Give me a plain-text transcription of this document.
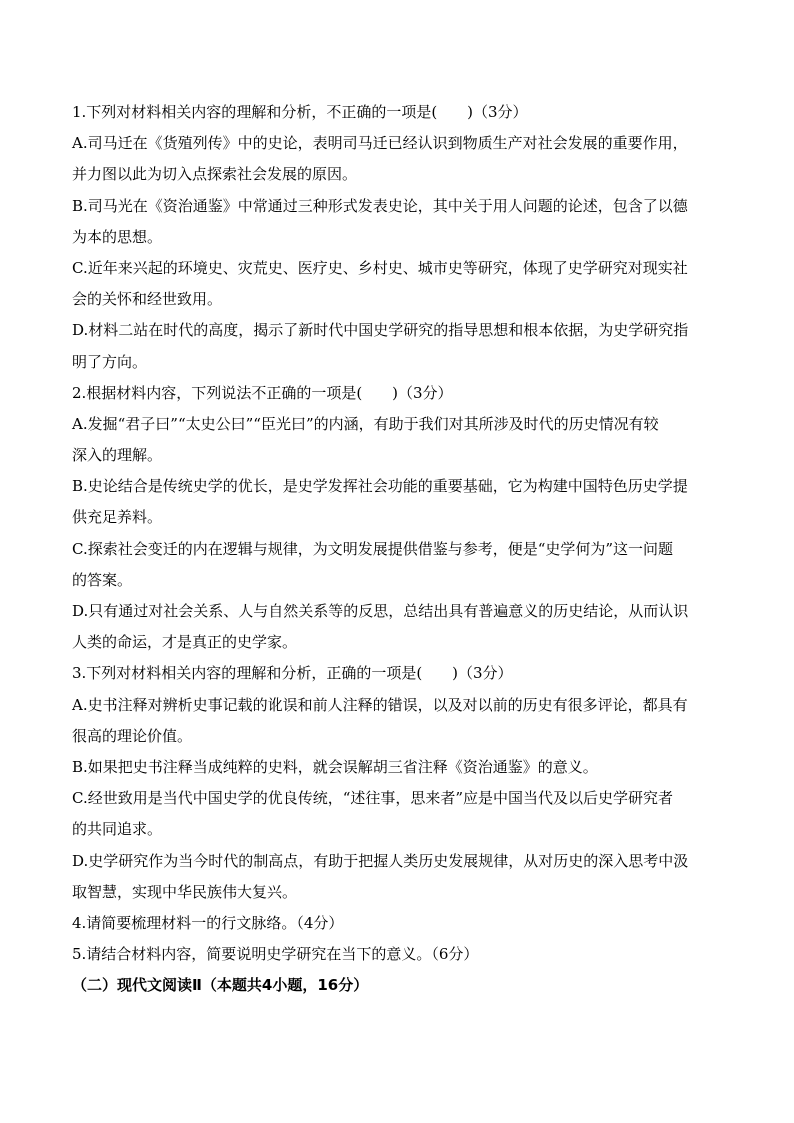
1.下列对材料相关内容的理解和分析，不正确的一项是(　　)（3分）
A.司马迁在《货殖列传》中的史论，表明司马迁已经认识到物质生产对社会发展的重要作用，
并力图以此为切入点探索社会发展的原因。
B.司马光在《资治通鉴》中常通过三种形式发表史论，其中关于用人问题的论述，包含了以德
为本的思想。
C.近年来兴起的环境史、灾荒史、医疗史、乡村史、城市史等研究，体现了史学研究对现实社
会的关怀和经世致用。
D.材料二站在时代的高度，揭示了新时代中国史学研究的指导思想和根本依据，为史学研究指
明了方向。
2.根据材料内容，下列说法不正确的一项是(　　)（3分）
A.发掘“君子曰”“太史公曰”“臣光曰”的内涵，有助于我们对其所涉及时代的历史情况有较
深入的理解。
B.史论结合是传统史学的优长，是史学发挥社会功能的重要基础，它为构建中国特色历史学提
供充足养料。
C.探索社会变迁的内在逻辑与规律，为文明发展提供借鉴与参考，便是“史学何为”这一问题
的答案。
D.只有通过对社会关系、人与自然关系等的反思，总结出具有普遍意义的历史结论，从而认识
人类的命运，才是真正的史学家。
3.下列对材料相关内容的理解和分析，正确的一项是(　　)（3分）
A.史书注释对辨析史事记载的讹误和前人注释的错误，以及对以前的历史有很多评论，都具有
很高的理论价值。
B.如果把史书注释当成纯粹的史料，就会误解胡三省注释《资治通鉴》的意义。
C.经世致用是当代中国史学的优良传统，“述往事，思来者”应是中国当代及以后史学研究者
的共同追求。
D.史学研究作为当今时代的制高点，有助于把握人类历史发展规律，从对历史的深入思考中汲
取智慧，实现中华民族伟大复兴。
4.请简要梳理材料一的行文脉络。（4分）
5.请结合材料内容，简要说明史学研究在当下的意义。（6分）
（二）现代文阅读Ⅱ（本题共4小题，16分）
